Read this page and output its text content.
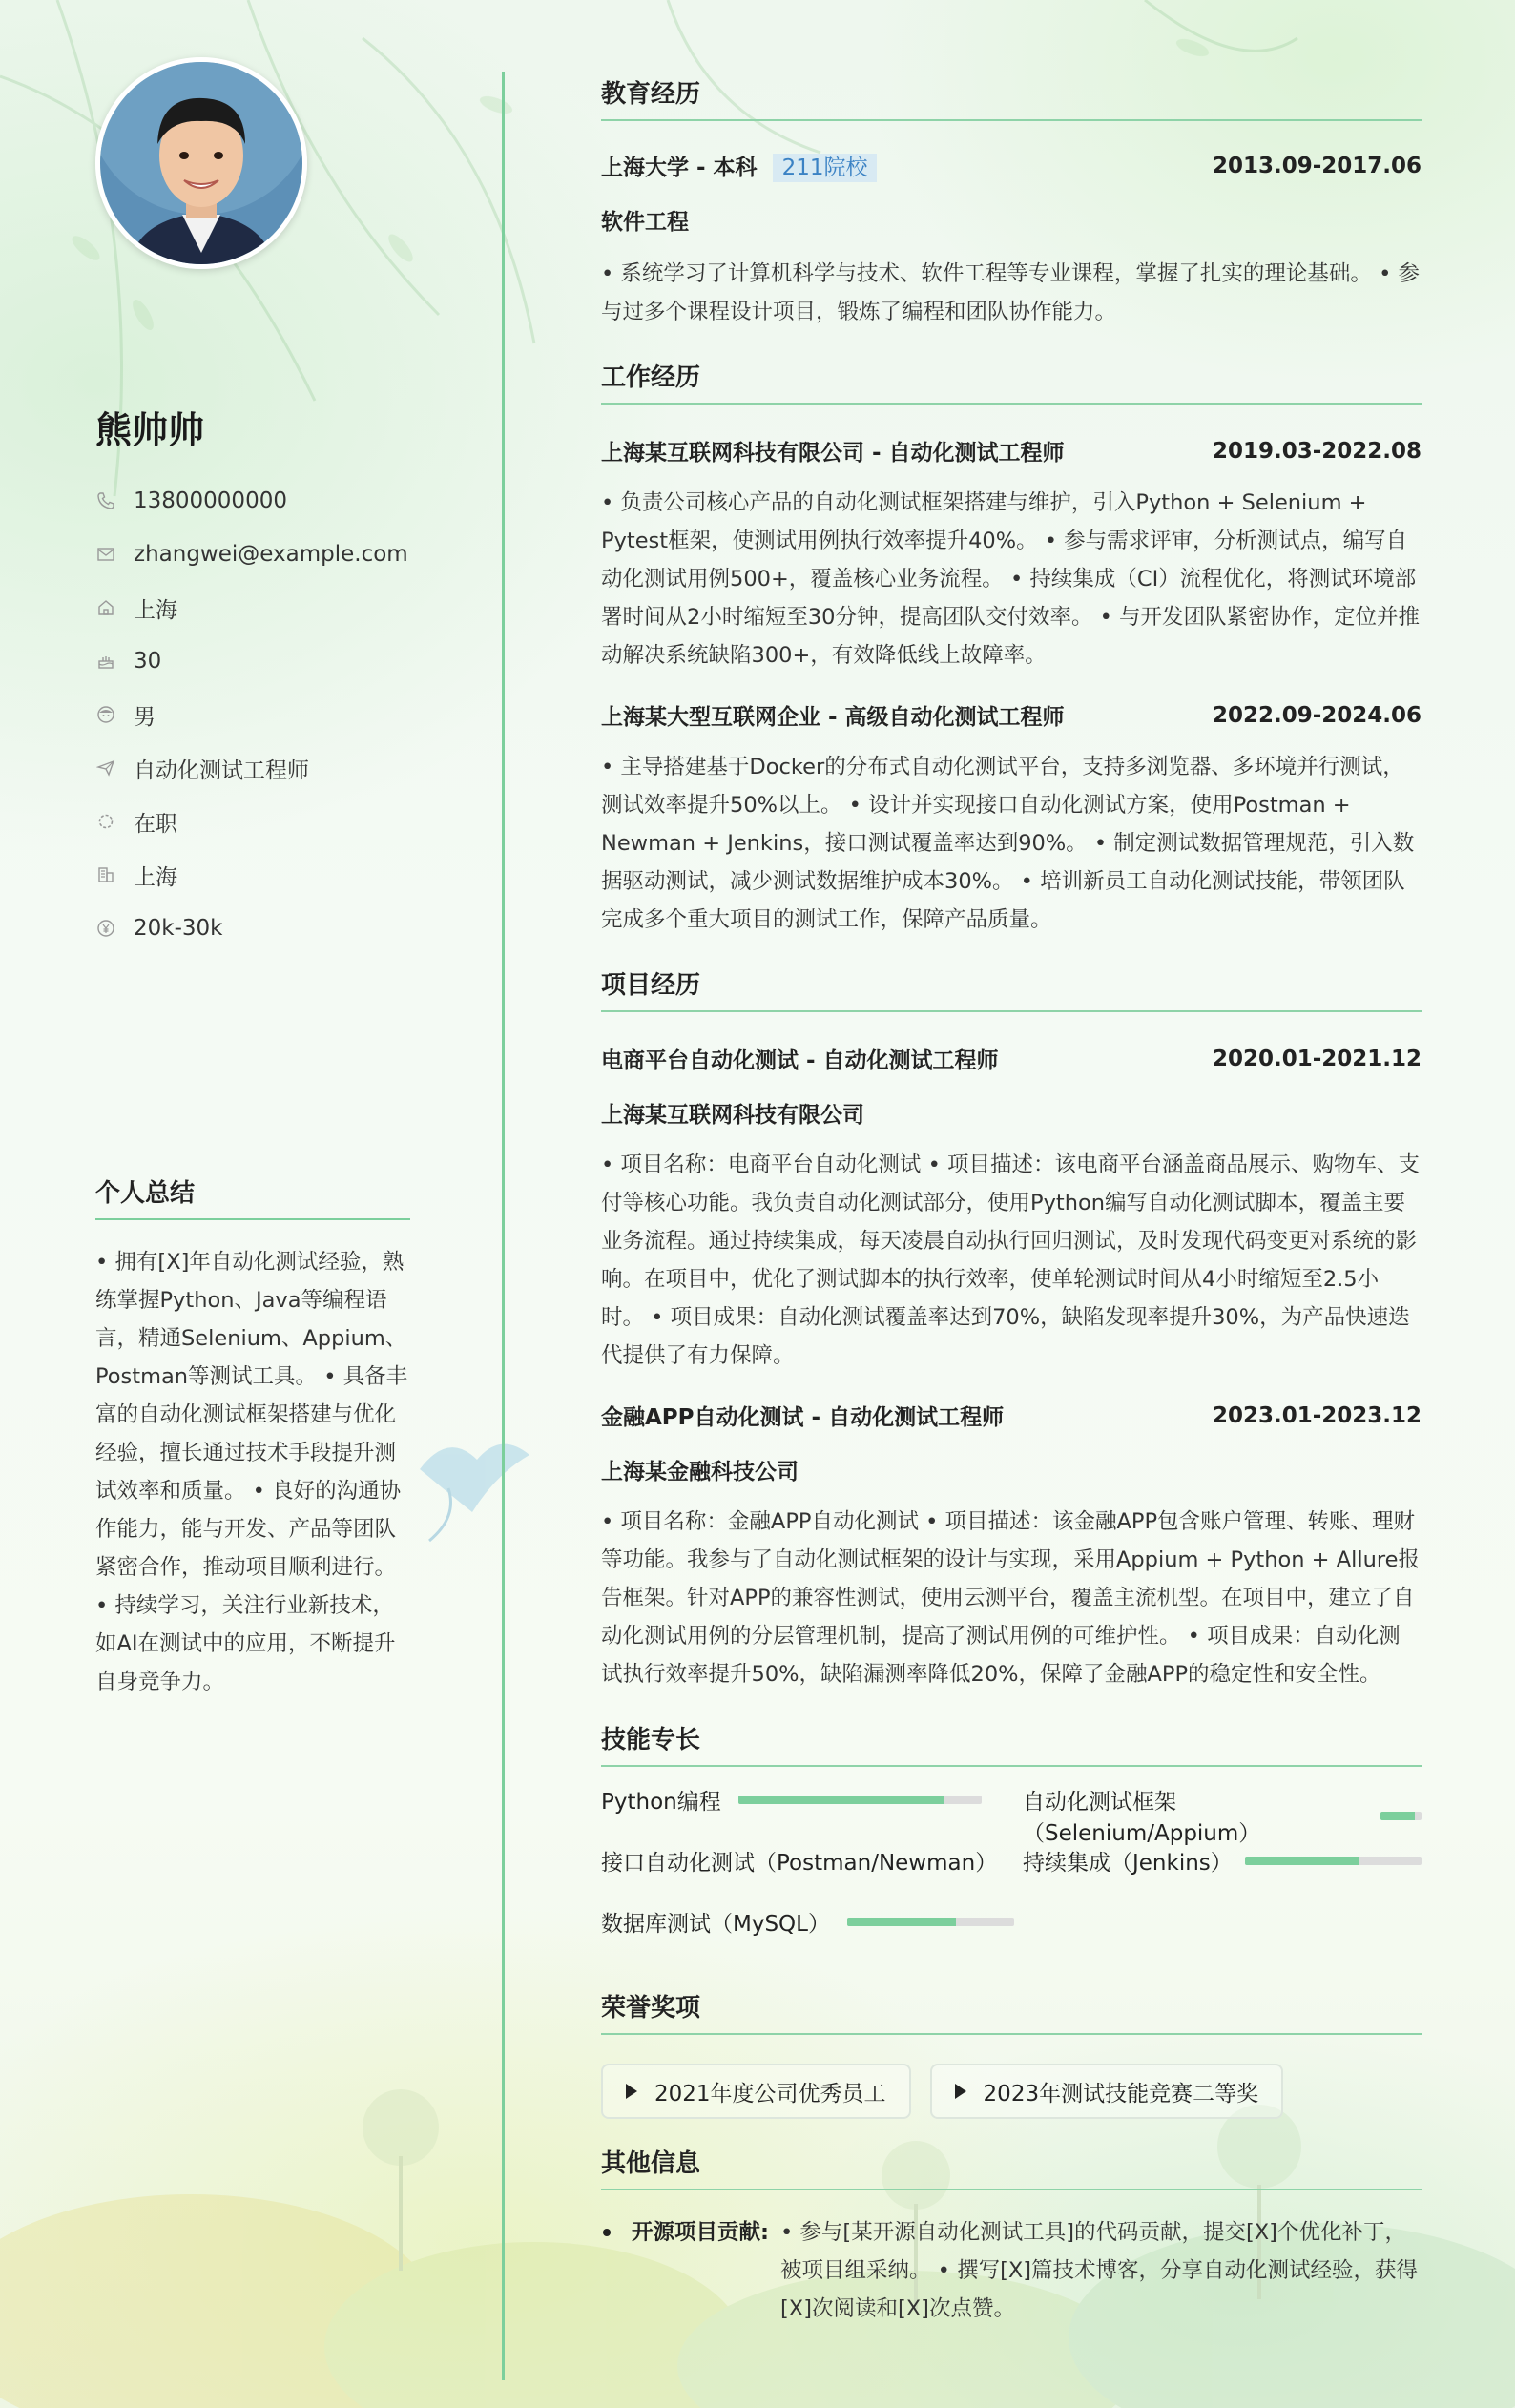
熊帅帅
13800000000
zhangwei@example.com
上海
30
男
自动化测试工程师
在职
上海
20k-30k
个人总结
• 拥有[X]年自动化测试经验，熟练掌握Python、Java等编程语言，精通Selenium、Appium、Postman等测试工具。 • 具备丰富的自动化测试框架搭建与优化经验，擅长通过技术手段提升测试效率和质量。 • 良好的沟通协作能力，能与开发、产品等团队紧密合作，推动项目顺利进行。 • 持续学习，关注行业新技术，如AI在测试中的应用，不断提升自身竞争力。
教育经历
上海大学 - 本科 211院校	2013.09-2017.06
软件工程
• 系统学习了计算机科学与技术、软件工程等专业课程，掌握了扎实的理论基础。 • 参与过多个课程设计项目，锻炼了编程和团队协作能力。
工作经历
上海某互联网科技有限公司 - 自动化测试工程师	2019.03-2022.08
• 负责公司核心产品的自动化测试框架搭建与维护，引入Python + Selenium + Pytest框架，使测试用例执行效率提升40%。 • 参与需求评审，分析测试点，编写自动化测试用例500+，覆盖核心业务流程。 • 持续集成（CI）流程优化，将测试环境部署时间从2小时缩短至30分钟，提高团队交付效率。 • 与开发团队紧密协作，定位并推动解决系统缺陷300+，有效降低线上故障率。
上海某大型互联网企业 - 高级自动化测试工程师	2022.09-2024.06
• 主导搭建基于Docker的分布式自动化测试平台，支持多浏览器、多环境并行测试，测试效率提升50%以上。 • 设计并实现接口自动化测试方案，使用Postman + Newman + Jenkins，接口测试覆盖率达到90%。 • 制定测试数据管理规范，引入数据驱动测试，减少测试数据维护成本30%。 • 培训新员工自动化测试技能，带领团队完成多个重大项目的测试工作，保障产品质量。
项目经历
电商平台自动化测试 - 自动化测试工程师	2020.01-2021.12
上海某互联网科技有限公司
• 项目名称：电商平台自动化测试 • 项目描述：该电商平台涵盖商品展示、购物车、支付等核心功能。我负责自动化测试部分，使用Python编写自动化测试脚本，覆盖主要业务流程。通过持续集成，每天凌晨自动执行回归测试，及时发现代码变更对系统的影响。在项目中，优化了测试脚本的执行效率，使单轮测试时间从4小时缩短至2.5小时。 • 项目成果：自动化测试覆盖率达到70%，缺陷发现率提升30%，为产品快速迭代提供了有力保障。
金融APP自动化测试 - 自动化测试工程师	2023.01-2023.12
上海某金融科技公司
• 项目名称：金融APP自动化测试 • 项目描述：该金融APP包含账户管理、转账、理财等功能。我参与了自动化测试框架的设计与实现，采用Appium + Python + Allure报告框架。针对APP的兼容性测试，使用云测平台，覆盖主流机型。在项目中，建立了自动化测试用例的分层管理机制，提高了测试用例的可维护性。 • 项目成果：自动化测试执行效率提升50%，缺陷漏测率降低20%，保障了金融APP的稳定性和安全性。
技能专长
Python编程	自动化测试框架（Selenium/Appium）
接口自动化测试（Postman/Newman） 持续集成（Jenkins）
数据库测试（MySQL）
荣誉奖项
2021年度公司优秀员工	2023年测试技能竞赛二等奖
其他信息
开源项目贡献: • 参与[某开源自动化测试工具]的代码贡献，提交[X]个优化补丁，被项目组采纳。 • 撰写[X]篇技术博客，分享自动化测试经验，获得[X]次阅读和[X]次点赞。
